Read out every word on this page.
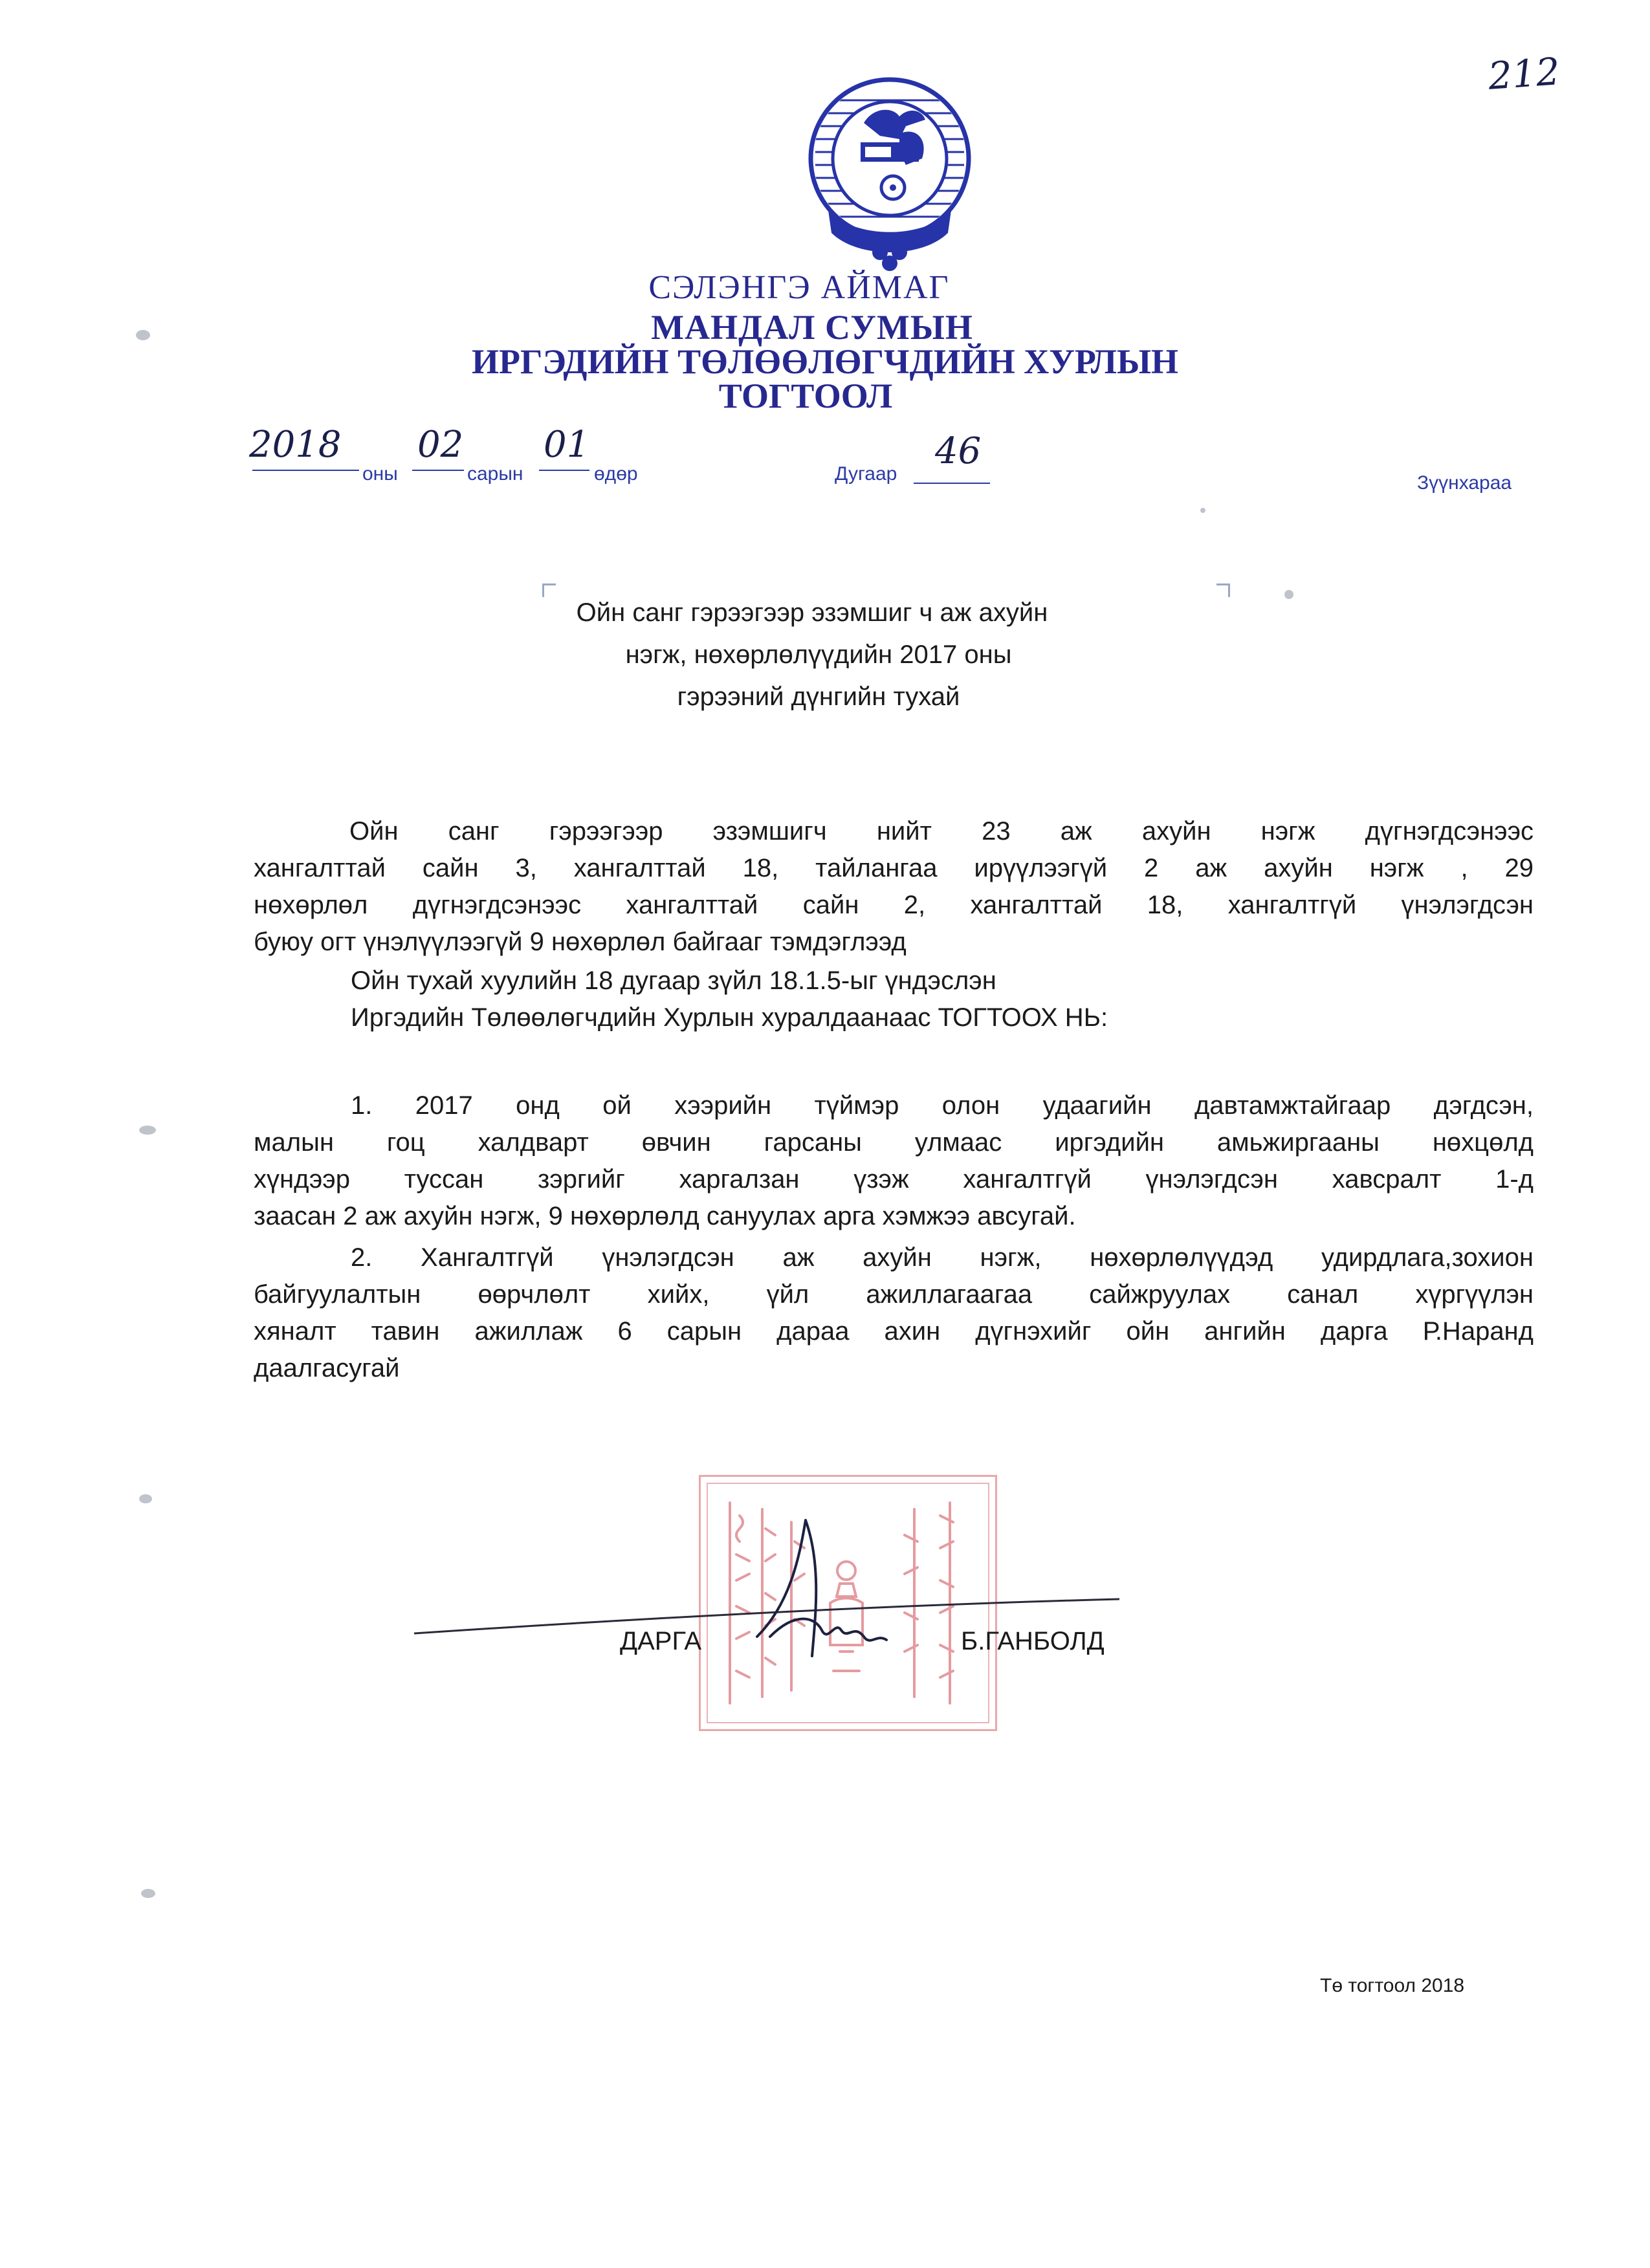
212
СЭЛЭНГЭ АЙМАГ
МАНДАЛ СУМЫН
ИРГЭДИЙН ТӨЛӨӨЛӨГЧДИЙН ХУРЛЫН
ТОГТООЛ
2018
оны
02
сарын
01
өдөр	Дугаар
46
Зүүнхараа
Ойн санг гэрээгээр эзэмшиг ч аж ахуйн
нэгж, нөхөрлөлүүдийн 2017 оны
гэрээний дүнгийн тухай
Ойн санг гэрээгээр эзэмшигч нийт 23 аж ахуйн нэгж дүгнэгдсэнээс
хангалттай сайн 3, хангалттай 18, тайлангаа ирүүлээгүй 2 аж ахуйн нэгж , 29
нөхөрлөл дүгнэгдсэнээс хангалттай сайн 2, хангалттай 18, хангалтгүй үнэлэгдсэн
буюу огт үнэлүүлээгүй 9 нөхөрлөл байгааг тэмдэглээд
Ойн тухай хуулийн 18 дугаар зүйл 18.1.5-ыг үндэслэн
Иргэдийн Төлөөлөгчдийн Хурлын хуралдаанаас ТОГТООХ НЬ:
1. 2017 онд ой хээрийн түймэр олон удаагийн давтамжтайгаар дэгдсэн,
малын гоц халдварт өвчин гарсаны улмаас иргэдийн амьжиргааны нөхцөлд
хүндээр туссан зэргийг харгалзан үзэж хангалтгүй үнэлэгдсэн хавсралт 1-д
заасан 2 аж ахуйн нэгж, 9 нөхөрлөлд сануулах арга хэмжээ авсугай.
2. Хангалтгүй үнэлэгдсэн аж ахуйн нэгж, нөхөрлөлүүдэд удирдлага,зохион
байгуулалтын өөрчлөлт хийх, үйл ажиллагаагаа сайжруулах санал хүргүүлэн
хяналт тавин ажиллаж 6 сарын дараа ахин дүгнэхийг ойн ангийн дарга Р.Наранд
даалгасугай
ДАРГА	Б.ГАНБОЛД
Тө тогтоол 2018
